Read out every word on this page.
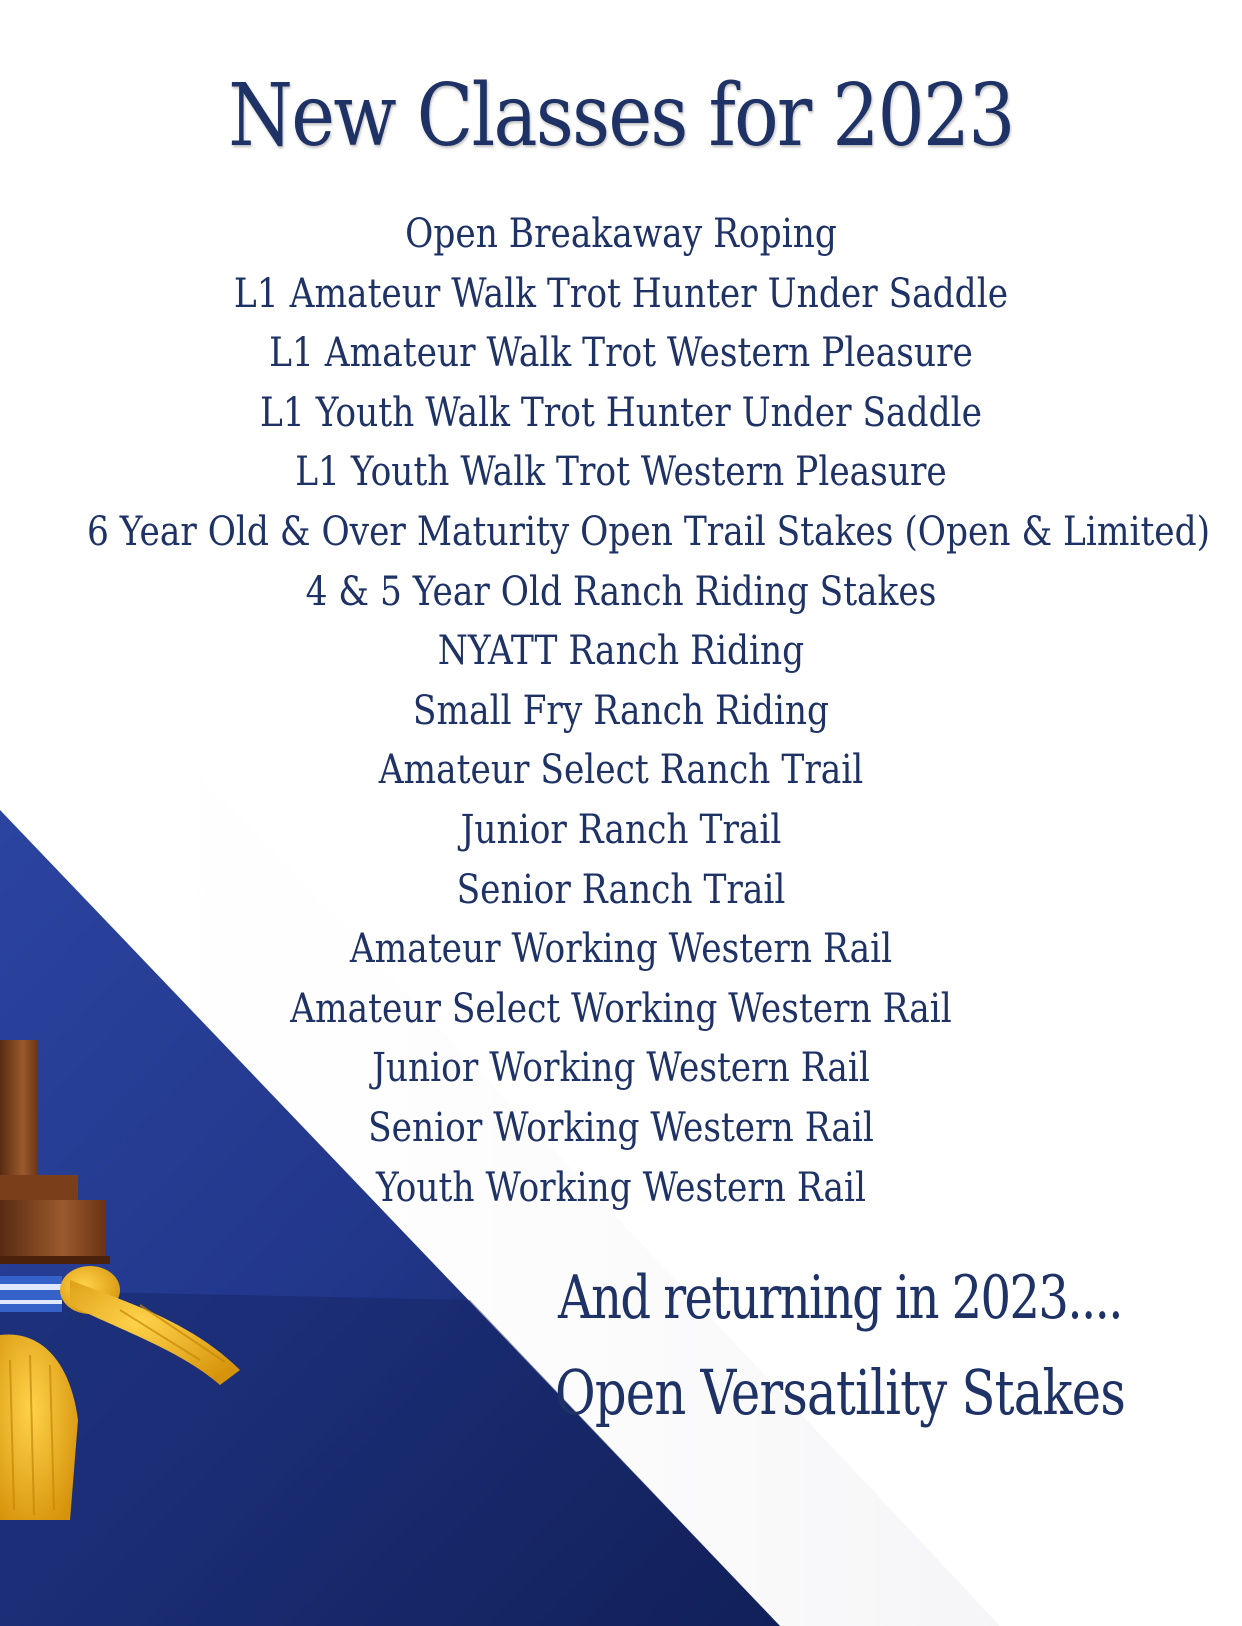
New Classes for 2023
Open Breakaway Roping
L1 Amateur Walk Trot Hunter Under Saddle
L1 Amateur Walk Trot Western Pleasure
L1 Youth Walk Trot Hunter Under Saddle
L1 Youth Walk Trot Western Pleasure
6 Year Old & Over Maturity Open Trail Stakes (Open & Limited)
4 & 5 Year Old Ranch Riding Stakes
NYATT Ranch Riding
Small Fry Ranch Riding
Amateur Select Ranch Trail
Junior Ranch Trail
Senior Ranch Trail
Amateur Working Western Rail
Amateur Select Working Western Rail
Junior Working Western Rail
Senior Working Western Rail
Youth Working Western Rail
And returning in 2023....
Open Versatility Stakes
